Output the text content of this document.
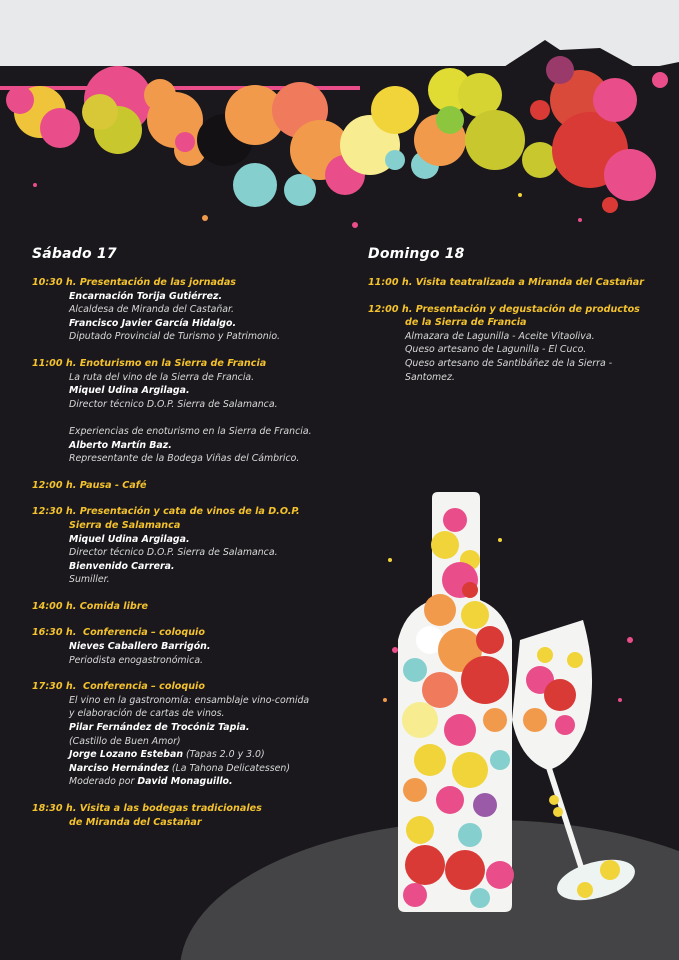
Sábado 17
10:30 h. Presentación de las jornadas
Encarnación Torija Gutiérrez.
Alcaldesa de Miranda del Castañar.
Francisco Javier García Hidalgo.
Diputado Provincial de Turismo y Patrimonio.
11:00 h. Enoturismo en la Sierra de Francia
La ruta del vino de la Sierra de Francia.
Miquel Udina Argilaga.
Director técnico D.O.P. Sierra de Salamanca.
Experiencias de enoturismo en la Sierra de Francia.
Alberto Martín Baz.
Representante de la Bodega Viñas del Cámbrico.
12:00 h. Pausa - Café
12:30 h. Presentación y cata de vinos de la D.O.P.
Sierra de Salamanca
Miquel Udina Argilaga.
Director técnico D.O.P. Sierra de Salamanca.
Bienvenido Carrera.
Sumiller.
14:00 h. Comida libre
16:30 h.  Conferencia – coloquio
Nieves Caballero Barrigón.
Periodista enogastronómica.
17:30 h.  Conferencia – coloquio
El vino en la gastronomía: ensamblaje vino-comida
y elaboración de cartas de vinos.
Pilar Fernández de Trocóniz Tapia.
(Castillo de Buen Amor)
Jorge Lozano Esteban (Tapas 2.0 y 3.0)
Narciso Hernández (La Tahona Delicatessen)
Moderado por David Monaguillo.
18:30 h. Visita a las bodegas tradicionales
de Miranda del Castañar
Domingo 18
11:00 h. Visita teatralizada a Miranda del Castañar
12:00 h. Presentación y degustación de productos
de la Sierra de Francia
Almazara de Lagunilla - Aceite Vitaoliva.
Queso artesano de Lagunilla - El Cuco.
Queso artesano de Santibáñez de la Sierra -
Santomez.
